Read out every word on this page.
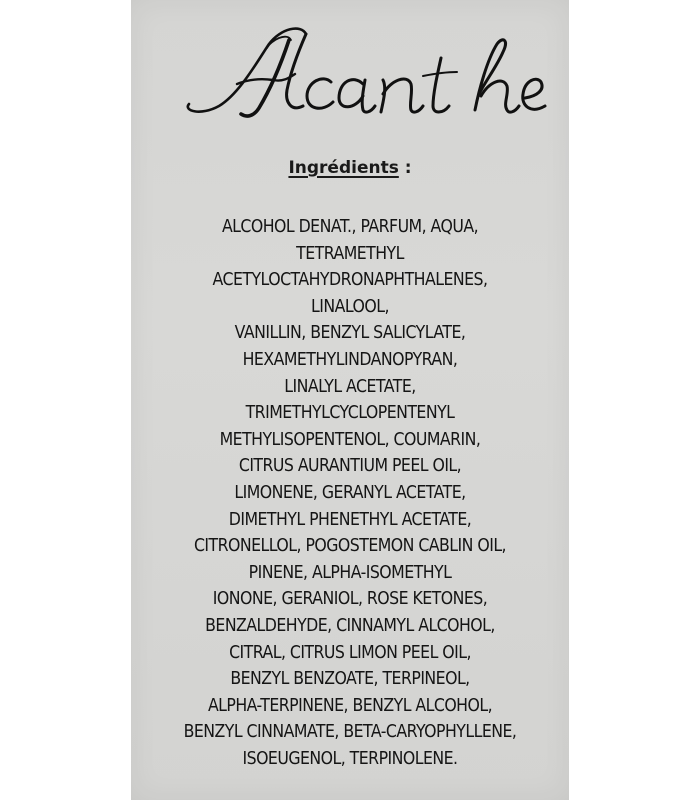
Ingrédients :
ALCOHOL DENAT., PARFUM, AQUA,
TETRAMETHYL
ACETYLOCTAHYDRONAPHTHALENES,
LINALOOL,
VANILLIN, BENZYL SALICYLATE,
HEXAMETHYLINDANOPYRAN,
LINALYL ACETATE,
TRIMETHYLCYCLOPENTENYL
METHYLISOPENTENOL, COUMARIN,
CITRUS AURANTIUM PEEL OIL,
LIMONENE, GERANYL ACETATE,
DIMETHYL PHENETHYL ACETATE,
CITRONELLOL, POGOSTEMON CABLIN OIL,
PINENE, ALPHA-ISOMETHYL
IONONE, GERANIOL, ROSE KETONES,
BENZALDEHYDE, CINNAMYL ALCOHOL,
CITRAL, CITRUS LIMON PEEL OIL,
BENZYL BENZOATE, TERPINEOL,
ALPHA-TERPINENE, BENZYL ALCOHOL,
BENZYL CINNAMATE, BETA-CARYOPHYLLENE,
ISOEUGENOL, TERPINOLENE.
